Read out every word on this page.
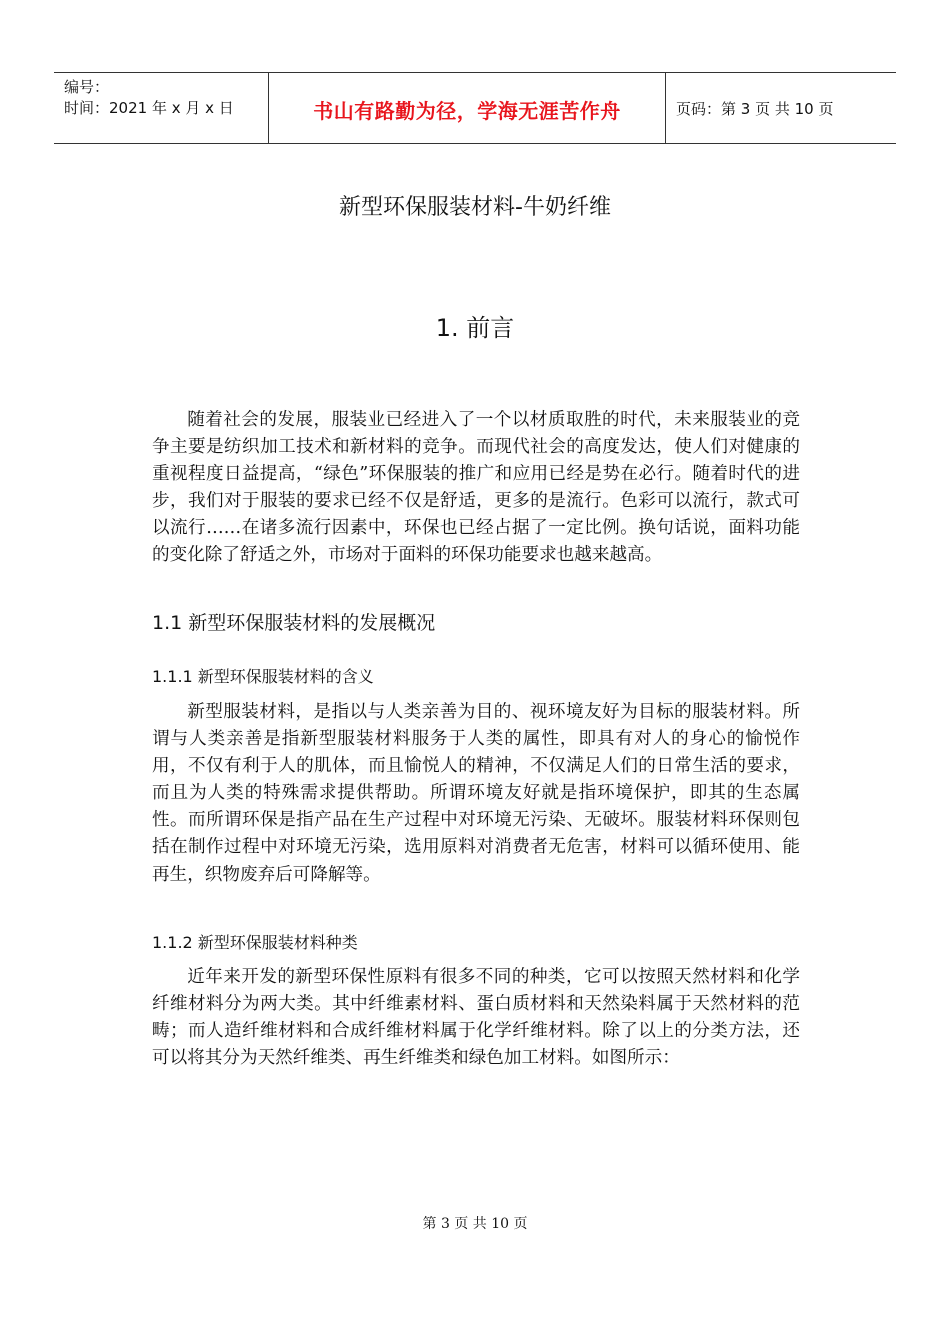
编号：
时间：2021 年 x 月 x 日	书山有路勤为径，学海无涯苦作舟	页码：第 3 页 共 10 页
新型环保服装材料-牛奶纤维
1. 前言

随着社会的发展，服装业已经进入了一个以材质取胜的时代，未来服装业的竞争主要是纺织加工技术和新材料的竞争。而现代社会的高度发达，使人们对健康的重视程度日益提高，“绿色”环保服装的推广和应用已经是势在必行。随着时代的进步，我们对于服装的要求已经不仅是舒适，更多的是流行。色彩可以流行，款式可以流行……在诸多流行因素中，环保也已经占据了一定比例。换句话说，面料功能的变化除了舒适之外，市场对于面料的环保功能要求也越来越高。

1.1 新型环保服装材料的发展概况
1.1.1 新型环保服装材料的含义

新型服装材料，是指以与人类亲善为目的、视环境友好为目标的服装材料。所谓与人类亲善是指新型服装材料服务于人类的属性，即具有对人的身心的愉悦作用，不仅有利于人的肌体，而且愉悦人的精神，不仅满足人们的日常生活的要求，而且为人类的特殊需求提供帮助。所谓环境友好就是指环境保护，即其的生态属性。而所谓环保是指产品在生产过程中对环境无污染、无破坏。服装材料环保则包括在制作过程中对环境无污染，选用原料对消费者无危害，材料可以循环使用、能再生，织物废弃后可降解等。

1.1.2 新型环保服装材料种类

近年来开发的新型环保性原料有很多不同的种类，它可以按照天然材料和化学纤维材料分为两大类。其中纤维素材料、蛋白质材料和天然染料属于天然材料的范畴；而人造纤维材料和合成纤维材料属于化学纤维材料。除了以上的分类方法，还可以将其分为天然纤维类、再生纤维类和绿色加工材料。如图所示：

第 3 页 共 10 页
